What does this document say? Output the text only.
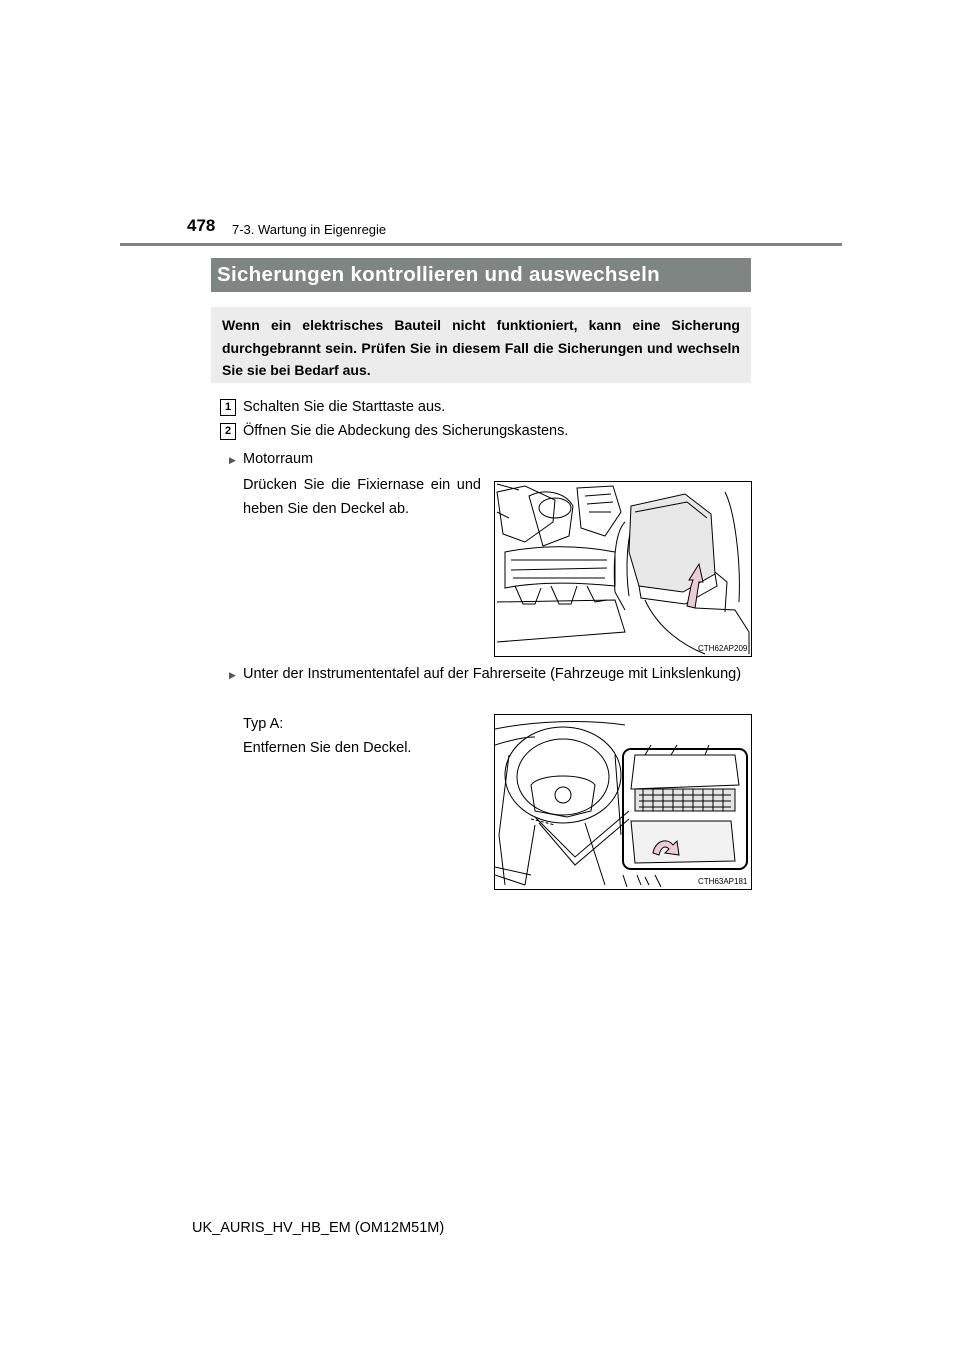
478 7-3. Wartung in Eigenregie
Sicherungen kontrollieren und auswechseln
Wenn ein elektrisches Bauteil nicht funktioniert, kann eine Sicherung durchgebrannt sein. Prüfen Sie in diesem Fall die Sicherungen und wechseln Sie sie bei Bedarf aus.
1 Schalten Sie die Starttaste aus.
2 Öffnen Sie die Abdeckung des Sicherungskastens.
▶ Motorraum
Drücken Sie die Fixiernase ein und heben Sie den Deckel ab.
CTH62AP209
▶ Unter der Instrumententafel auf der Fahrerseite (Fahrzeuge mit Linkslenkung)
Typ A:
Entfernen Sie den Deckel.
CTH63AP181
UK_AURIS_HV_HB_EM (OM12M51M)
